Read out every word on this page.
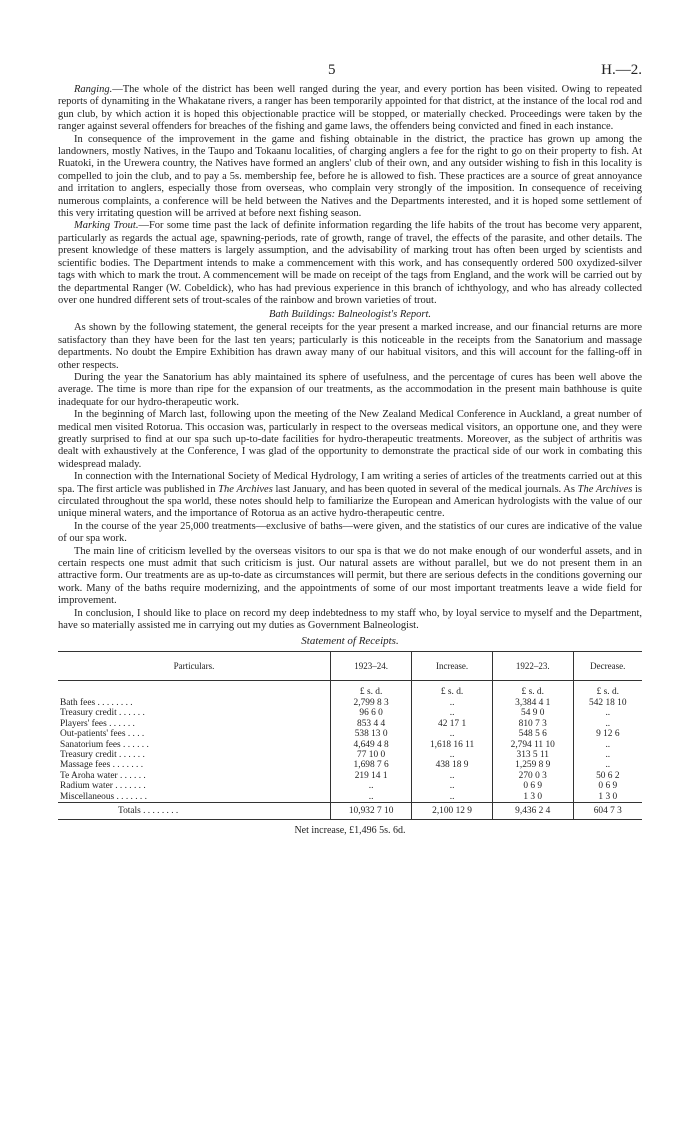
5	H.—2.

Ranging.—The whole of the district has been well ranged during the year, and every portion has been visited. Owing to repeated reports of dynamiting in the Whakatane rivers, a ranger has been temporarily appointed for that district, at the instance of the local rod and gun club, by which action it is hoped this objectionable practice will be stopped, or materially checked. Proceedings were taken by the ranger against several offenders for breaches of the fishing and game laws, the offenders being convicted and fined in each instance.

In consequence of the improvement in the game and fishing obtainable in the district, the practice has grown up among the landowners, mostly Natives, in the Taupo and Tokaanu localities, of charging anglers a fee for the right to go on their property to fish. At Ruatoki, in the Urewera country, the Natives have formed an anglers' club of their own, and any outsider wishing to fish in this locality is compelled to join the club, and to pay a 5s. membership fee, before he is allowed to fish. These practices are a source of great annoyance and irritation to anglers, especially those from overseas, who complain very strongly of the imposition. In consequence of receiving numerous complaints, a conference will be held between the Natives and the Departments interested, and it is hoped some settlement of this very irritating question will be arrived at before next fishing season.

Marking Trout.—For some time past the lack of definite information regarding the life habits of the trout has become very apparent, particularly as regards the actual age, spawning-periods, rate of growth, range of travel, the effects of the parasite, and other details. The present knowledge of these matters is largely assumption, and the advisability of marking trout has often been urged by scientists and scientific bodies. The Department intends to make a commencement with this work, and has consequently ordered 500 oxydized-silver tags with which to mark the trout. A commencement will be made on receipt of the tags from England, and the work will be carried out by the departmental Ranger (W. Cobeldick), who has had previous experience in this branch of ichthyology, and who has already collected over one hundred different sets of trout-scales of the rainbow and brown varieties of trout.

Bath Buildings: Balneologist's Report.

As shown by the following statement, the general receipts for the year present a marked increase, and our financial returns are more satisfactory than they have been for the last ten years; particularly is this noticeable in the receipts from the Sanatorium and massage departments. No doubt the Empire Exhibition has drawn away many of our habitual visitors, and this will account for the falling-off in other respects.

During the year the Sanatorium has ably maintained its sphere of usefulness, and the percentage of cures has been well above the average. The time is more than ripe for the expansion of our treatments, as the accommodation in the present main bathhouse is quite inadequate for our hydro-therapeutic work.

In the beginning of March last, following upon the meeting of the New Zealand Medical Conference in Auckland, a great number of medical men visited Rotorua. This occasion was, particularly in respect to the overseas medical visitors, an opportune one, and they were greatly surprised to find at our spa such up-to-date facilities for hydro-therapeutic treatments. Moreover, as the subject of arthritis was dealt with exhaustively at the Conference, I was glad of the opportunity to demonstrate the practical side of our work in combating this widespread malady.

In connection with the International Society of Medical Hydrology, I am writing a series of articles of the treatments carried out at this spa. The first article was published in The Archives last January, and has been quoted in several of the medical journals. As The Archives is circulated throughout the spa world, these notes should help to familiarize the European and American hydrologists with the value of our unique mineral waters, and the importance of Rotorua as an active hydro-therapeutic centre.

In the course of the year 25,000 treatments—exclusive of baths—were given, and the statistics of our cures are indicative of the value of our spa work.

The main line of criticism levelled by the overseas visitors to our spa is that we do not make enough of our wonderful assets, and in certain respects one must admit that such criticism is just. Our natural assets are without parallel, but we do not present them in an attractive form. Our treatments are as up-to-date as circumstances will permit, but there are serious defects in the conditions governing our work. Many of the baths require modernizing, and the appointments of some of our most important treatments leave a wide field for improvement.

In conclusion, I should like to place on record my deep indebtedness to my staff who, by loyal service to myself and the Department, have so materially assisted me in carrying out my duties as Government Balneologist.

Statement of Receipts.
Particulars.	1923–24.	Increase.	1922–23.	Decrease.
	£ s. d.	£ s. d.	£ s. d.	£ s. d.
Bath fees . . . . . . . .	2,799 8 3	..	3,384 4 1	542 18 10
Treasury credit . . . . . .	96 6 0	..	54 9 0	..
Players' fees . . . . . .	853 4 4	42 17 1	810 7 3	..
Out-patients' fees . . . .	538 13 0	..	548 5 6	9 12 6
Sanatorium fees . . . . . .	4,649 4 8	1,618 16 11	2,794 11 10	..
Treasury credit . . . . . .	77 10 0	..	313 5 11	..
Massage fees . . . . . . .	1,698 7 6	438 18 9	1,259 8 9	..
Te Aroha water . . . . . .	219 14 1	..	270 0 3	50 6 2
Radium water . . . . . . .	..	..	0 6 9	0 6 9
Miscellaneous . . . . . . .	..	..	1 3 0	1 3 0
Totals . . . . . . . .	10,932 7 10	2,100 12 9	9,436 2 4	604 7 3
Net increase, £1,496 5s. 6d.
